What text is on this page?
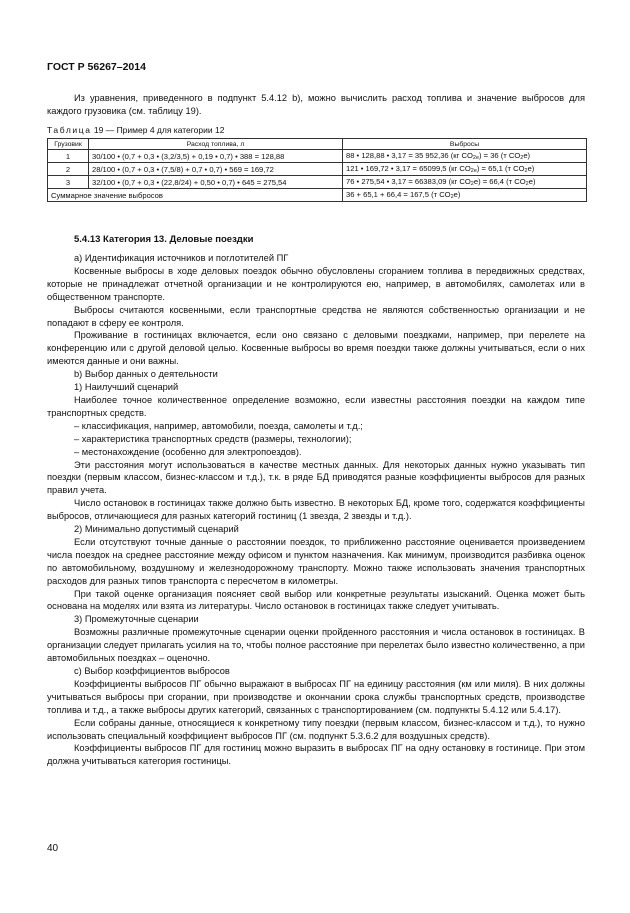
ГОСТ Р 56267–2014

Из уравнения, приведенного в подпункт 5.4.12 b), можно вычислить расход топлива и значение выбросов для каждого грузовика (см. таблицу 19).

Таблица 19 — Пример 4 для категории 12
Грузовик	Расход топлива, л	Выбросы
1	30/100 • (0,7 + 0,3 • (3,2/3,5) + 0,19 • 0,7) • 388 = 128,88	88 • 128,88 • 3,17 = 35 952,36 (кг CO2e) = 36 (т CO2e)
2	28/100 • (0,7 + 0,3 • (7,5/8) + 0,7 • 0,7) • 569 = 169,72	121 • 169,72 • 3,17 = 65099,5 (кг CO2e) = 65,1 (т CO2e)
3	32/100 • (0,7 + 0,3 • (22,8/24) + 0,50 • 0,7) • 645 = 275,54	76 • 275,54 • 3,17 = 66383,09 (кг CO2e) = 66,4 (т CO2e)
Суммарное значение выбросов		36 + 65,1 + 66,4 = 167,5 (т CO2e)
5.4.13 Категория 13. Деловые поездки

а) Идентификация источников и поглотителей ПГ

Косвенные выбросы в ходе деловых поездок обычно обусловлены сгоранием топлива в передвижных средствах, которые не принадлежат отчетной организации и не контролируются ею, например, в автомобилях, самолетах или в общественном транспорте.

Выбросы считаются косвенными, если транспортные средства не являются собственностью организации и не попадают в сферу ее контроля.

Проживание в гостиницах включается, если оно связано с деловыми поездками, например, при перелете на конференцию или с другой деловой целью. Косвенные выбросы во время поездки также должны учитываться, если о них имеются данные и они важны.

b) Выбор данных о деятельности

1) Наилучший сценарий

Наиболее точное количественное определение возможно, если известны расстояния поездки на каждом типе транспортных средств.

– классификация, например, автомобили, поезда, самолеты и т.д.;

– характеристика транспортных средств (размеры, технологии);

– местонахождение (особенно для электропоездов).

Эти расстояния могут использоваться в качестве местных данных. Для некоторых данных нужно указывать тип поездки (первым классом, бизнес-классом и т.д.), т.к. в ряде БД приводятся разные коэффициенты выбросов для разных правил учета.

Число остановок в гостиницах также должно быть известно. В некоторых БД, кроме того, содержатся коэффициенты выбросов, отличающиеся для разных категорий гостиниц (1 звезда, 2 звезды и т.д.).

2) Минимально допустимый сценарий

Если отсутствуют точные данные о расстоянии поездок, то приближенно расстояние оценивается произведением числа поездок на среднее расстояние между офисом и пунктом назначения. Как минимум, производится разбивка оценок по автомобильному, воздушному и железнодорожному транспорту. Можно также использовать значения транспортных расходов для разных типов транспорта с пересчетом в километры.

При такой оценке организация поясняет свой выбор или конкретные результаты изысканий. Оценка может быть основана на моделях или взята из литературы. Число остановок в гостиницах также следует учитывать.

3) Промежуточные сценарии

Возможны различные промежуточные сценарии оценки пройденного расстояния и числа остановок в гостиницах. В организации следует прилагать усилия на то, чтобы полное расстояние при перелетах было известно количественно, а при автомобильных поездках – оценочно.

c) Выбор коэффициентов выбросов

Коэффициенты выбросов ПГ обычно выражают в выбросах ПГ на единицу расстояния (км или миля). В них должны учитываться выбросы при сгорании, при производстве и окончании срока службы транспортных средств, производстве топлива и т.д., а также выбросы других категорий, связанных с транспортированием (см. подпункты 5.4.12 или 5.4.17).

Если собраны данные, относящиеся к конкретному типу поездки (первым классом, бизнес-классом и т.д.), то нужно использовать специальный коэффициент выбросов ПГ (см. подпункт 5.3.6.2 для воздушных средств).

Коэффициенты выбросов ПГ для гостиниц можно выразить в выбросах ПГ на одну остановку в гостинице. При этом должна учитываться категория гостиницы.

40
